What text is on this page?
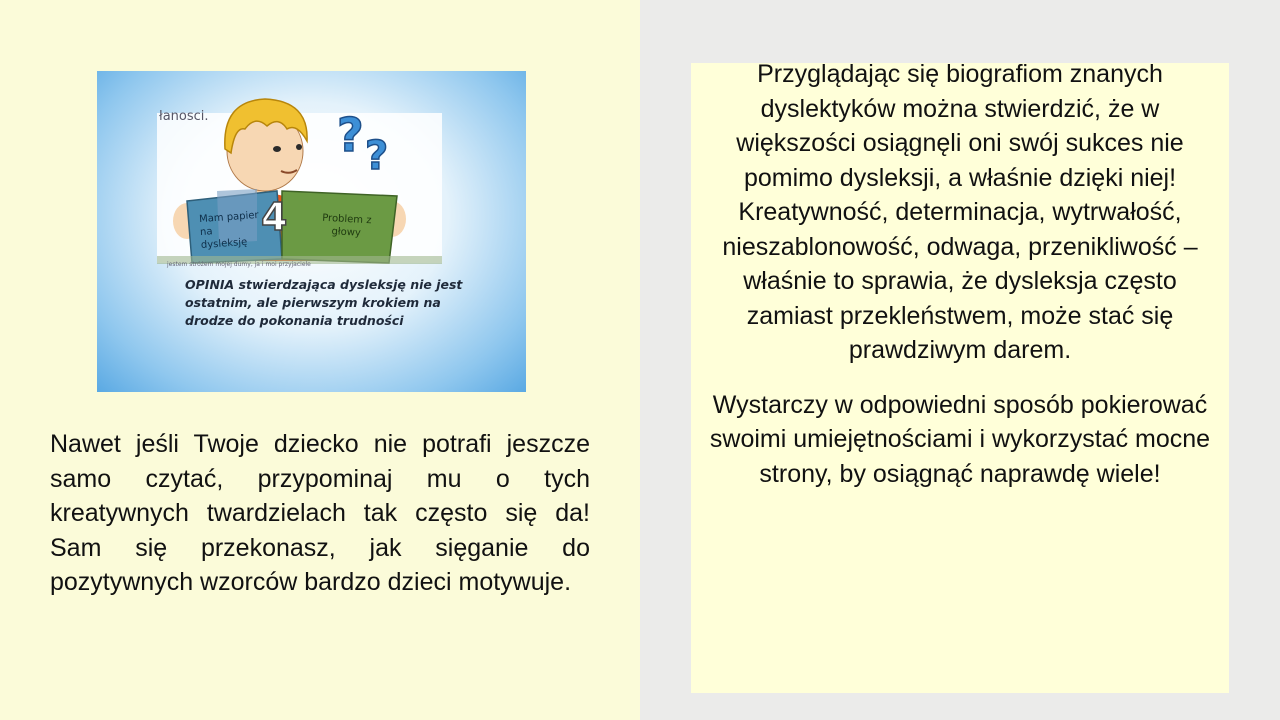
? ?
jestem stróżem mojej dumy, ja i moi przyjaciele
łanosci.
Mam papier na dysleksję
4	Problem z głowy
OPINIA stwierdzająca dysleksję nie jest ostatnim, ale pierwszym krokiem na drodze do pokonania trudności
Nawet jeśli Twoje dziecko nie potrafi jeszcze samo czytać, przypominaj mu o tych kreatywnych twardzielach tak często się da! Sam się przekonasz, jak sięganie do pozytywnych wzorców bardzo dzieci motywuje.

Przyglądając się biografiom znanych dyslektyków można stwierdzić, że w większości osiągnęli oni swój sukces nie pomimo dysleksji, a właśnie dzięki niej! Kreatywność, determinacja, wytrwałość, nieszablonowość, odwaga, przenikliwość – właśnie to sprawia, że dysleksja często zamiast przekleństwem, może stać się prawdziwym darem.

Wystarczy w odpowiedni sposób pokierować swoimi umiejętnościami i wykorzystać mocne strony, by osiągnąć naprawdę wiele!
